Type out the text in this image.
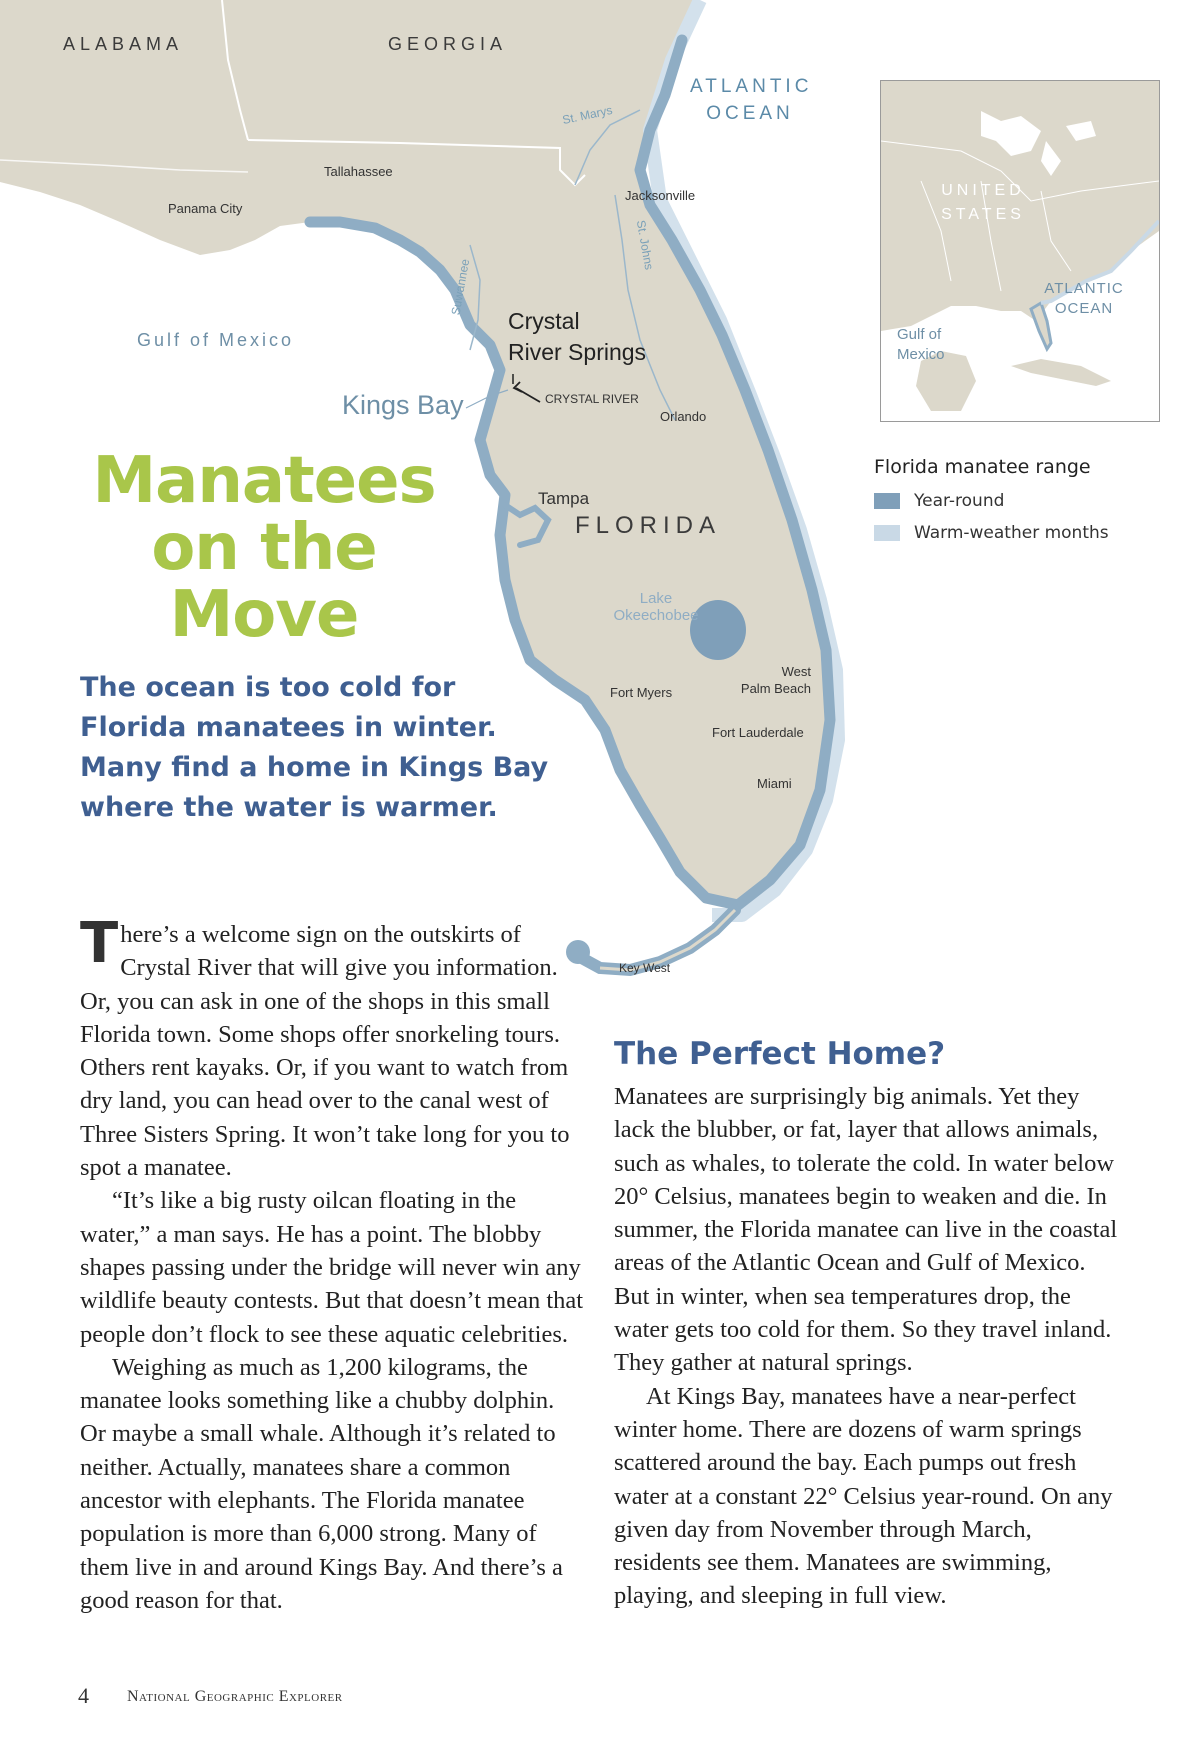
ALABAMA	GEORGIA
ATLANTIC
OCEAN
St. Marys
St. Johns
Suwannee
Tallahassee
Panama City
Jacksonville
Gulf of Mexico
Crystal
River Springs
Kings Bay	CRYSTAL RIVER
Orlando
Tampa
FLORIDA
Lake
Okeechobee
Fort Myers
West
Palm Beach
Fort Lauderdale
Miami
Key West
UNITED
STATES
ATLANTIC
OCEAN
Gulf of
Mexico
Florida manatee range
Year-round
Warm-weather months
Manatees
on the
Move
The ocean is too cold for Florida manatees in winter. Many find a home in Kings Bay where the water is warmer.

There’s a welcome sign on the outskirts of Crystal River that will give you information. Or, you can ask in one of the shops in this small Florida town. Some shops offer snorkeling tours. Others rent kayaks. Or, if you want to watch from dry land, you can head over to the canal west of Three Sisters Spring. It won’t take long for you to spot a manatee.

“It’s like a big rusty oilcan floating in the water,” a man says. He has a point. The blobby shapes passing under the bridge will never win any wildlife beauty contests. But that doesn’t mean that people don’t flock to see these aquatic celebrities.

Weighing as much as 1,200 kilograms, the manatee looks something like a chubby dolphin. Or maybe a small whale. Although it’s related to neither. Actually, manatees share a common ancestor with elephants. The Florida manatee population is more than 6,000 strong. Many of them live in and around Kings Bay. And there’s a good reason for that.

The Perfect Home?

Manatees are surprisingly big animals. Yet they lack the blubber, or fat, layer that allows animals, such as whales, to tolerate the cold. In water below 20° Celsius, manatees begin to weaken and die. In summer, the Florida manatee can live in the coastal areas of the Atlantic Ocean and Gulf of Mexico. But in winter, when sea temperatures drop, the water gets too cold for them. So they travel inland. They gather at natural springs.

At Kings Bay, manatees have a near-perfect winter home. There are dozens of warm springs scattered around the bay. Each pumps out fresh water at a constant 22° Celsius year-round. On any given day from November through March, residents see them. Manatees are swimming, playing, and sleeping in full view.

4 National Geographic Explorer
